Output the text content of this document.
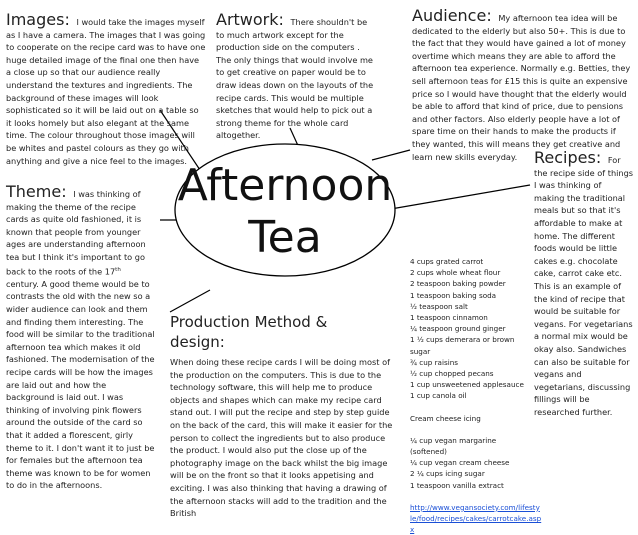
Images: I would take the images myself as I have a camera. The images that I was going to cooperate on the recipe card was to have one huge detailed image of the final one then have a close up so that our audience really understand the textures and ingredients. The background of these images will look sophisticated so it will be laid out on a table so it looks homely but also elegant at the same time. The colour throughout those images will be whites and pastel colours as they go with anything and give a nice feel to the images.
Artwork: There shouldn't be to much artwork except for the production side on the computers . The only things that would involve me to get creative on paper would be to draw ideas down on the layouts of the recipe cards. This would be multiple sketches that would help to pick out a strong theme for the whole card altogether.
Audience: My afternoon tea idea will be dedicated to the elderly but also 50+. This is due to the fact that they would have gained a lot of money overtime which means they are able to afford the afternoon tea experience. Normally e.g. Betties, they sell afternoon teas for £15 this is quite an expensive price so I would have thought that the elderly would be able to afford that kind of price, due to pensions and other factors. Also elderly people have a lot of spare time on their hands to make the products if they wanted, this will means they get creative and learn new skills everyday.
Theme: I was thinking of making the theme of the recipe cards as quite old fashioned, it is known that people from younger ages are understanding afternoon tea but I think it's important to go back to the roots of the 17th century. A good theme would be to contrasts the old with the new so a wider audience can look and them and finding them interesting. The food will be similar to the traditional afternoon tea which makes it old fashioned. The modernisation of the recipe cards will be how the images are laid out and how the background is laid out. I was thinking of involving pink flowers around the outside of the card so that it added a florescent, girly theme to it. I don't want it to just be for females but the afternoon tea theme was known to be for women to do in the afternoons.
Afternoon
Tea
Recipes: For the recipe side of things I was thinking of making the traditional meals but so that it's affordable to make at home. The different foods would be little cakes e.g. chocolate cake, carrot cake etc. This is an example of the kind of recipe that would be suitable for vegans. For vegetarians a normal mix would be okay also. Sandwiches can also be suitable for vegans and vegetarians, discussing fillings will be researched further.
4 cups grated carrot
2 cups whole wheat flour
2 teaspoon baking powder
1 teaspoon baking soda
½ teaspoon salt
1 teaspoon cinnamon
¼ teaspoon ground ginger
1 ½ cups demerara or brown sugar
¾ cup raisins
½ cup chopped pecans
1 cup unsweetened applesauce
1 cup canola oil
Cream cheese icing
¼ cup vegan margarine (softened)
¼ cup vegan cream cheese
2 ¼ cups icing sugar
1 teaspoon vanilla extract
http://www.vegansociety.com/lifesty
le/food/recipes/cakes/carrotcake.asp
x
Production Method &
design:
When doing these recipe cards I will be doing most of the production on the computers. This is due to the technology software, this will help me to produce objects and shapes which can make my recipe card stand out. I will put the recipe and step by step guide on the back of the card, this will make it easier for the person to collect the ingredients but to also produce the product. I would also put the close up of the photography image on the back whilst the big image will be on the front so that it looks appetising and exciting. I was also thinking that having a drawing of the afternoon stacks will add to the tradition and the British
